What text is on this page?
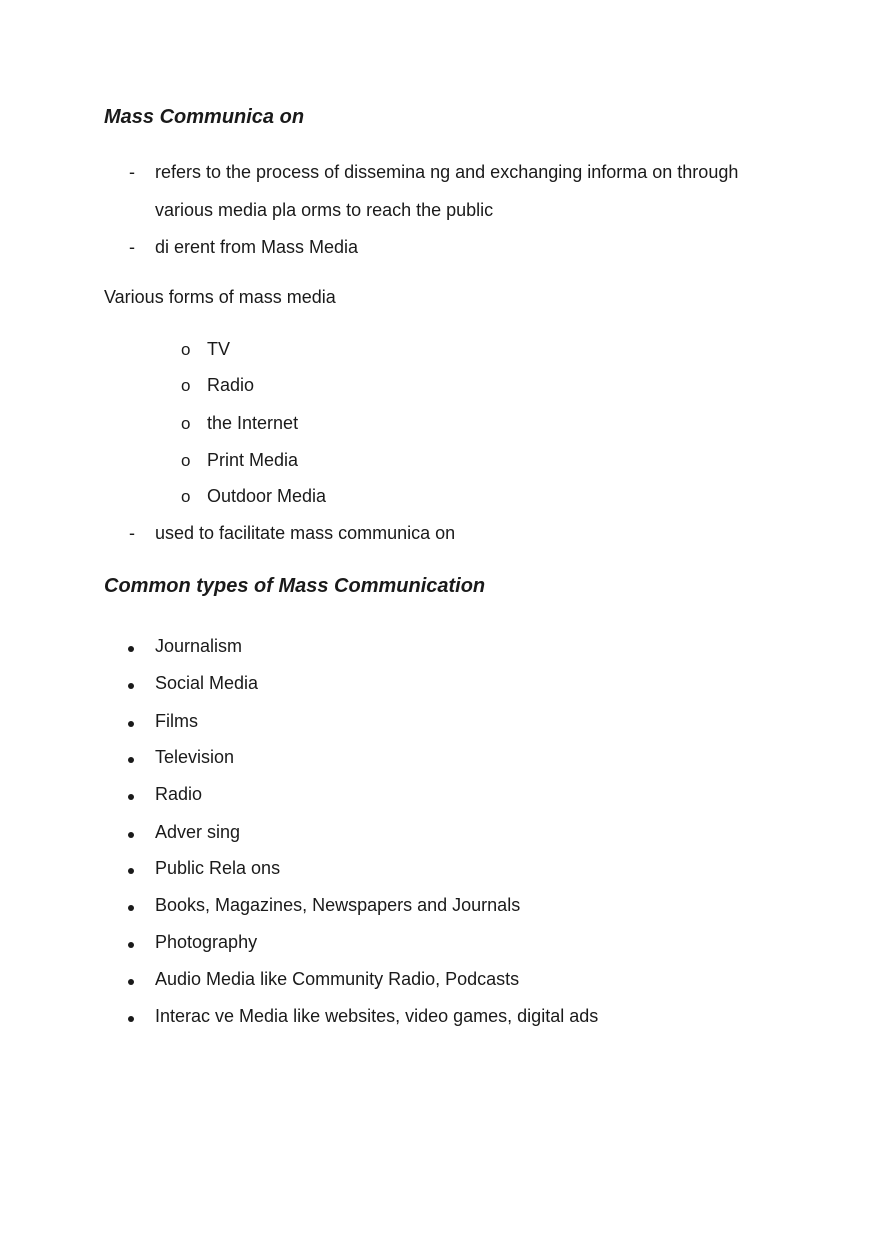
Mass Communica on
- refers to the process of dissemina ng and exchanging informa on through

various media pla orms to reach the public

- di erent from Mass Media

Various forms of mass media

o TV

o Radio

o the Internet

o Print Media

o Outdoor Media

- used to facilitate mass communica on

Common types of Mass Communication

Journalism

Social Media

Films

Television

Radio

Adver sing

Public Rela ons

Books, Magazines, Newspapers and Journals

Photography

Audio Media like Community Radio, Podcasts

Interac ve Media like websites, video games, digital ads
